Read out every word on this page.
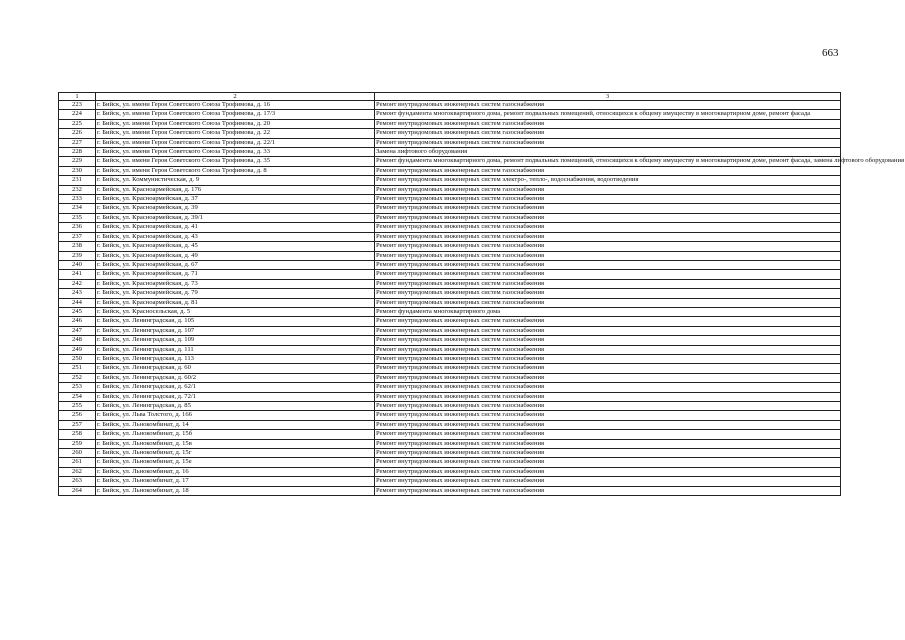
663
1	2	3
223	г. Бийск, ул. имени Героя Советского Союза Трофимова, д. 16	Ремонт внутридомовых инженерных систем газоснабжения
224	г. Бийск, ул. имени Героя Советского Союза Трофимова, д. 17/3	Ремонт фундамента многоквартирного дома, ремонт подвальных помещений, относящихся к общему имуществу в многоквартирном доме, ремонт фасада
225	г. Бийск, ул. имени Героя Советского Союза Трофимова, д. 20	Ремонт внутридомовых инженерных систем газоснабжения
226	г. Бийск, ул. имени Героя Советского Союза Трофимова, д. 22	Ремонт внутридомовых инженерных систем газоснабжения
227	г. Бийск, ул. имени Героя Советского Союза Трофимова, д. 22/1	Ремонт внутридомовых инженерных систем газоснабжения
228	г. Бийск, ул. имени Героя Советского Союза Трофимова, д. 33	Замена лифтового оборудования
229	г. Бийск, ул. имени Героя Советского Союза Трофимова, д. 35	Ремонт фундамента многоквартирного дома, ремонт подвальных помещений, относящихся к общему имуществу в многоквартирном доме, ремонт фасада, замена лифтового оборудования
230	г. Бийск, ул. имени Героя Советского Союза Трофимова, д. 8	Ремонт внутридомовых инженерных систем газоснабжения
231	г. Бийск, ул. Коммунистическая, д. 9	Ремонт внутридомовых инженерных систем электро-, тепло-, водоснабжения, водоотведения
232	г. Бийск, ул. Красноармейская, д. 176	Ремонт внутридомовых инженерных систем газоснабжения
233	г. Бийск, ул. Красноармейская, д. 37	Ремонт внутридомовых инженерных систем газоснабжения
234	г. Бийск, ул. Красноармейская, д. 39	Ремонт внутридомовых инженерных систем газоснабжения
235	г. Бийск, ул. Красноармейская, д. 39/1	Ремонт внутридомовых инженерных систем газоснабжения
236	г. Бийск, ул. Красноармейская, д. 41	Ремонт внутридомовых инженерных систем газоснабжения
237	г. Бийск, ул. Красноармейская, д. 43	Ремонт внутридомовых инженерных систем газоснабжения
238	г. Бийск, ул. Красноармейская, д. 45	Ремонт внутридомовых инженерных систем газоснабжения
239	г. Бийск, ул. Красноармейская, д. 49	Ремонт внутридомовых инженерных систем газоснабжения
240	г. Бийск, ул. Красноармейская, д. 67	Ремонт внутридомовых инженерных систем газоснабжения
241	г. Бийск, ул. Красноармейская, д. 71	Ремонт внутридомовых инженерных систем газоснабжения
242	г. Бийск, ул. Красноармейская, д. 73	Ремонт внутридомовых инженерных систем газоснабжения
243	г. Бийск, ул. Красноармейская, д. 79	Ремонт внутридомовых инженерных систем газоснабжения
244	г. Бийск, ул. Красноармейская, д. 81	Ремонт внутридомовых инженерных систем газоснабжения
245	г. Бийск, ул. Красносельская, д. 5	Ремонт фундамента многоквартирного дома
246	г. Бийск, ул. Ленинградская, д. 105	Ремонт внутридомовых инженерных систем газоснабжения
247	г. Бийск, ул. Ленинградская, д. 107	Ремонт внутридомовых инженерных систем газоснабжения
248	г. Бийск, ул. Ленинградская, д. 109	Ремонт внутридомовых инженерных систем газоснабжения
249	г. Бийск, ул. Ленинградская, д. 111	Ремонт внутридомовых инженерных систем газоснабжения
250	г. Бийск, ул. Ленинградская, д. 113	Ремонт внутридомовых инженерных систем газоснабжения
251	г. Бийск, ул. Ленинградская, д. 60	Ремонт внутридомовых инженерных систем газоснабжения
252	г. Бийск, ул. Ленинградская, д. 60/2	Ремонт внутридомовых инженерных систем газоснабжения
253	г. Бийск, ул. Ленинградская, д. 62/1	Ремонт внутридомовых инженерных систем газоснабжения
254	г. Бийск, ул. Ленинградская, д. 72/1	Ремонт внутридомовых инженерных систем газоснабжения
255	г. Бийск, ул. Ленинградская, д. 85	Ремонт внутридомовых инженерных систем газоснабжения
256	г. Бийск, ул. Льва Толстого, д. 166	Ремонт внутридомовых инженерных систем газоснабжения
257	г. Бийск, ул. Льнокомбинат, д. 14	Ремонт внутридомовых инженерных систем газоснабжения
258	г. Бийск, ул. Льнокомбинат, д. 15б	Ремонт внутридомовых инженерных систем газоснабжения
259	г. Бийск, ул. Льнокомбинат, д. 15в	Ремонт внутридомовых инженерных систем газоснабжения
260	г. Бийск, ул. Льнокомбинат, д. 15г	Ремонт внутридомовых инженерных систем газоснабжения
261	г. Бийск, ул. Льнокомбинат, д. 15е	Ремонт внутридомовых инженерных систем газоснабжения
262	г. Бийск, ул. Льнокомбинат, д. 16	Ремонт внутридомовых инженерных систем газоснабжения
263	г. Бийск, ул. Льнокомбинат, д. 17	Ремонт внутридомовых инженерных систем газоснабжения
264	г. Бийск, ул. Льнокомбинат, д. 18	Ремонт внутридомовых инженерных систем газоснабжения
